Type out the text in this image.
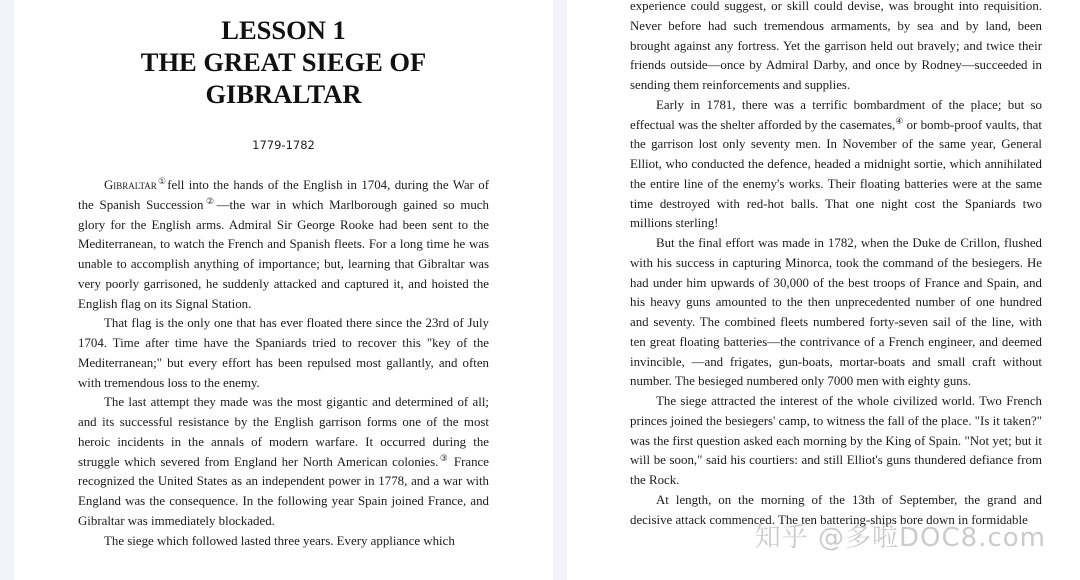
LESSON 1
THE GREAT SIEGE OF
GIBRALTAR
1779-1782

Gibraltar①fell into the hands of the English in 1704, during the War of the Spanish Succession②—the war in which Marlborough gained so much glory for the English arms. Admiral Sir George Rooke had been sent to the Mediterranean, to watch the French and Spanish fleets. For a long time he was unable to accomplish anything of importance; but, learning that Gibraltar was very poorly garrisoned, he suddenly attacked and captured it, and hoisted the English flag on its Signal Station.

That flag is the only one that has ever floated there since the 23rd of July 1704. Time after time have the Spaniards tried to recover this "key of the Mediterranean;" but every effort has been repulsed most gallantly, and often with tremendous loss to the enemy.

The last attempt they made was the most gigantic and determined of all; and its successful resistance by the English garrison forms one of the most heroic incidents in the annals of modern warfare. It occurred during the struggle which severed from England her North American colonies.③ France recognized the United States as an independent power in 1778, and a war with England was the consequence. In the following year Spain joined France, and Gibraltar was immediately blockaded.

The siege which followed lasted three years. Every appliance which

experience could suggest, or skill could devise, was brought into requisition. Never before had such tremendous armaments, by sea and by land, been brought against any fortress. Yet the garrison held out bravely; and twice their friends outside—once by Admiral Darby, and once by Rodney—succeeded in sending them reinforcements and supplies.

Early in 1781, there was a terrific bombardment of the place; but so effectual was the shelter afforded by the casemates,④ or bomb-proof vaults, that the garrison lost only seventy men. In November of the same year, General Elliot, who conducted the defence, headed a midnight sortie, which annihilated the entire line of the enemy's works. Their floating batteries were at the same time destroyed with red-hot balls. That one night cost the Spaniards two millions sterling!

But the final effort was made in 1782, when the Duke de Crillon, flushed with his success in capturing Minorca, took the command of the besiegers. He had under him upwards of 30,000 of the best troops of France and Spain, and his heavy guns amounted to the then unprecedented number of one hundred and seventy. The combined fleets numbered forty-seven sail of the line, with ten great floating batteries—the contrivance of a French engineer, and deemed invincible, —and frigates, gun-boats, mortar-boats and small craft without number. The besieged numbered only 7000 men with eighty guns.

The siege attracted the interest of the whole civilized world. Two French princes joined the besiegers' camp, to witness the fall of the place. "Is it taken?" was the first question asked each morning by the King of Spain. "Not yet; but it will be soon," said his courtiers: and still Elliot's guns thundered defiance from the Rock.

At length, on the morning of the 13th of September, the grand and decisive attack commenced. The ten battering-ships bore down in formidable

知乎 @多啦DOC8.com
